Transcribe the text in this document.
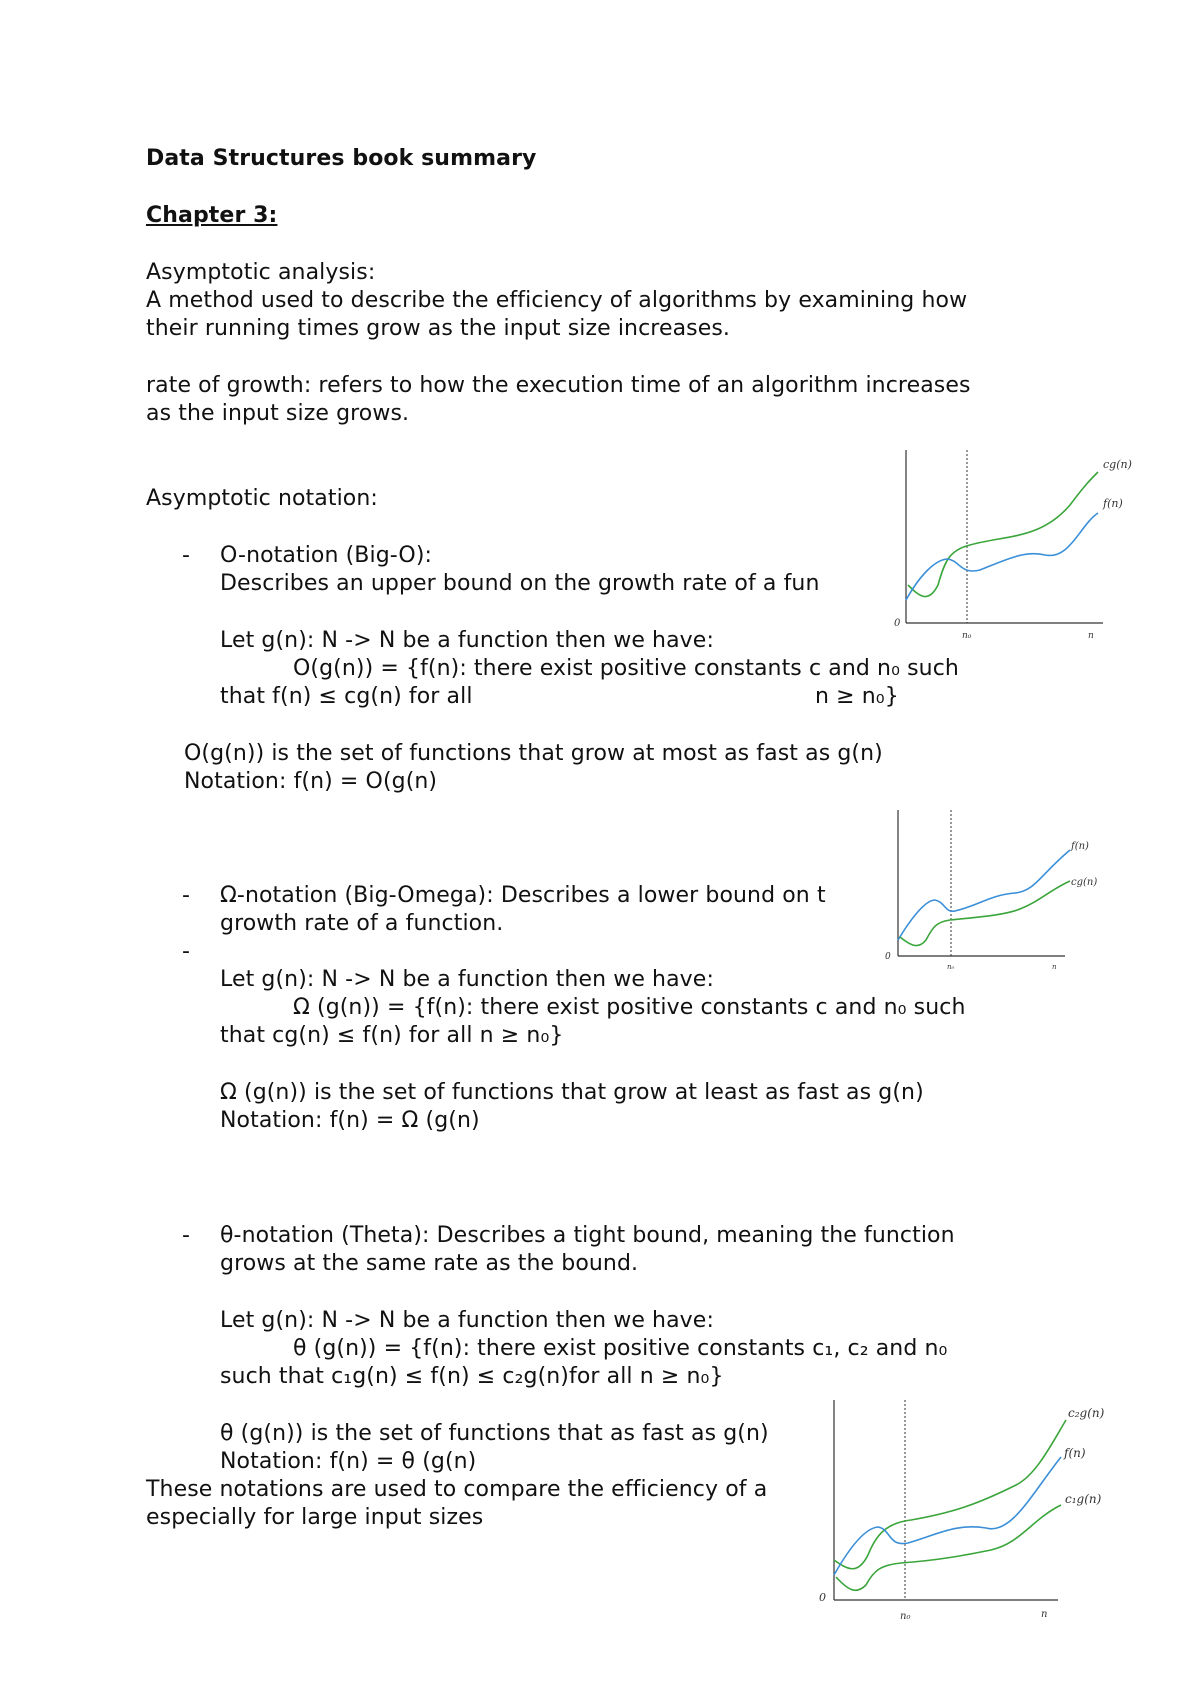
Data Structures book summary
Chapter 3:
Asymptotic analysis:
A method used to describe the efficiency of algorithms by examining how
their running times grow as the input size increases.
rate of growth: refers to how the execution time of an algorithm increases
as the input size grows.
Asymptotic notation:
- O-notation (Big-O):
Describes an upper bound on the growth rate of a fun
Let g(n): N -> N be a function then we have:
O(g(n)) = {f(n): there exist positive constants c and n₀ such
that f(n) ≤ cg(n) for all	n ≥ n₀}
O(g(n)) is the set of functions that grow at most as fast as g(n)
Notation: f(n) = O(g(n)
- Ω-notation (Big-Omega): Describes a lower bound on t
growth rate of a function.
-
Let g(n): N -> N be a function then we have:
Ω (g(n)) = {f(n): there exist positive constants c and n₀ such
that cg(n) ≤ f(n) for all n ≥ n₀}
Ω (g(n)) is the set of functions that grow at least as fast as g(n)
Notation: f(n) = Ω (g(n)
- θ-notation (Theta): Describes a tight bound, meaning the function
grows at the same rate as the bound.
Let g(n): N -> N be a function then we have:
θ (g(n)) = {f(n): there exist positive constants c₁, c₂ and n₀
such that c₁g(n) ≤ f(n) ≤ c₂g(n)for all n ≥ n₀}
θ (g(n)) is the set of functions that as fast as g(n)
Notation: f(n) = θ (g(n)
These notations are used to compare the efficiency of a
especially for large input sizes
cg(n)
f(n)
0
n₀	n
f(n)
cg(n)
0
n₀	n
c₂g(n)
f(n)
c₁g(n)
0
n₀	n
